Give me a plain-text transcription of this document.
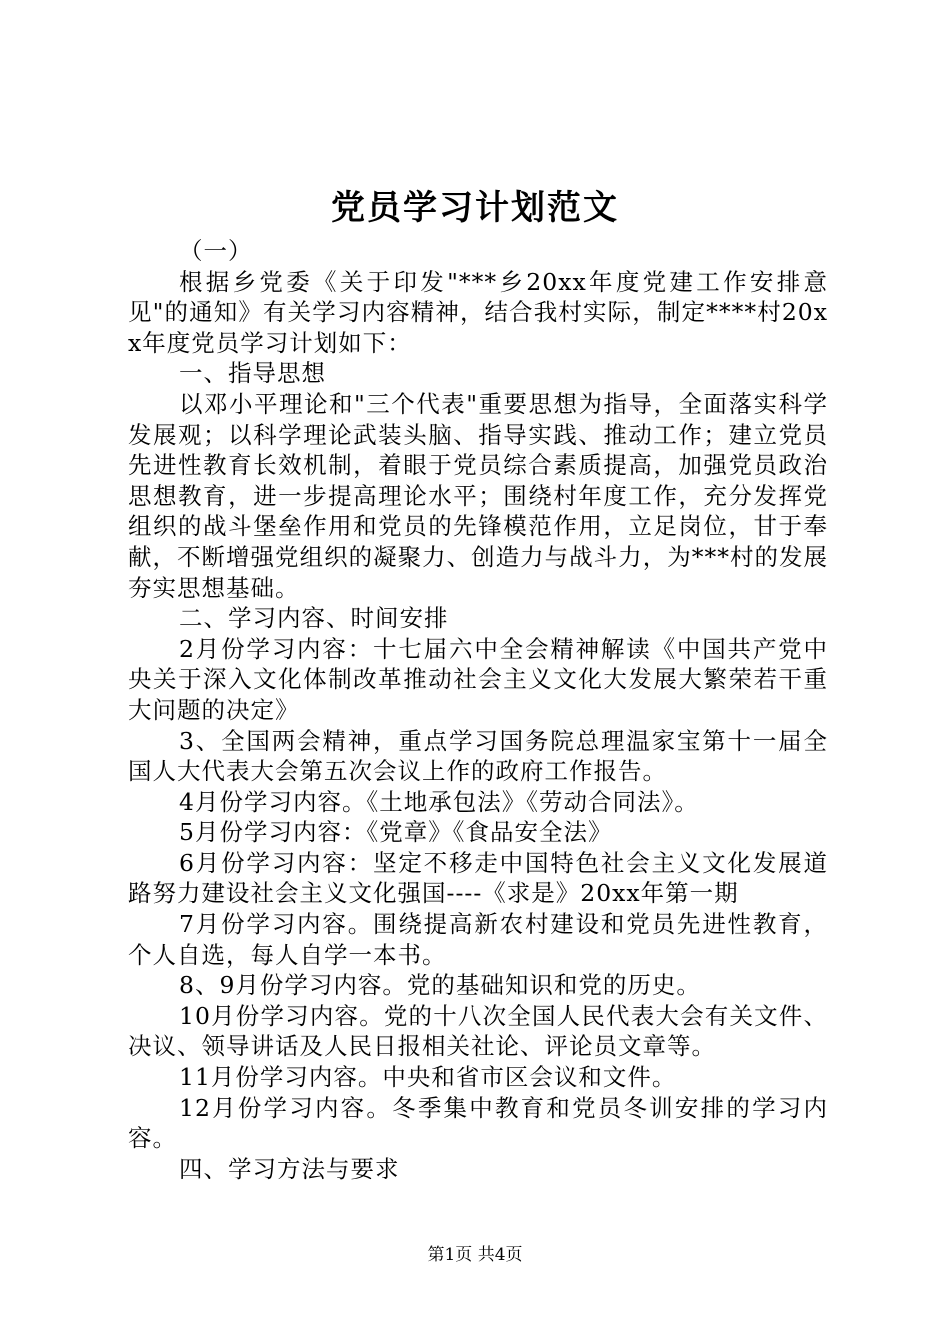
党员学习计划范文

（一）

根据乡党委《关于印发"***乡20xx年度党建工作安排意见"的通知》有关学习内容精神，结合我村实际，制定****村20xx年度党员学习计划如下：

一、指导思想

以邓小平理论和"三个代表"重要思想为指导，全面落实科学发展观；以科学理论武装头脑、指导实践、推动工作；建立党员先进性教育长效机制，着眼于党员综合素质提高，加强党员政治思想教育，进一步提高理论水平；围绕村年度工作，充分发挥党组织的战斗堡垒作用和党员的先锋模范作用，立足岗位，甘于奉献，不断增强党组织的凝聚力、创造力与战斗力，为***村的发展夯实思想基础。

二、学习内容、时间安排

2月份学习内容：十七届六中全会精神解读《中国共产党中央关于深入文化体制改革推动社会主义文化大发展大繁荣若干重大问题的决定》

3、全国两会精神，重点学习国务院总理温家宝第十一届全国人大代表大会第五次会议上作的政府工作报告。

4月份学习内容。《土地承包法》《劳动合同法》。

5月份学习内容：《党章》《食品安全法》

6月份学习内容：坚定不移走中国特色社会主义文化发展道路努力建设社会主义文化强国----《求是》20xx年第一期

7月份学习内容。围绕提高新农村建设和党员先进性教育，个人自选，每人自学一本书。

8、9月份学习内容。党的基础知识和党的历史。

10月份学习内容。党的十八次全国人民代表大会有关文件、决议、领导讲话及人民日报相关社论、评论员文章等。

11月份学习内容。中央和省市区会议和文件。

12月份学习内容。冬季集中教育和党员冬训安排的学习内容。

四、学习方法与要求

第1页 共4页
